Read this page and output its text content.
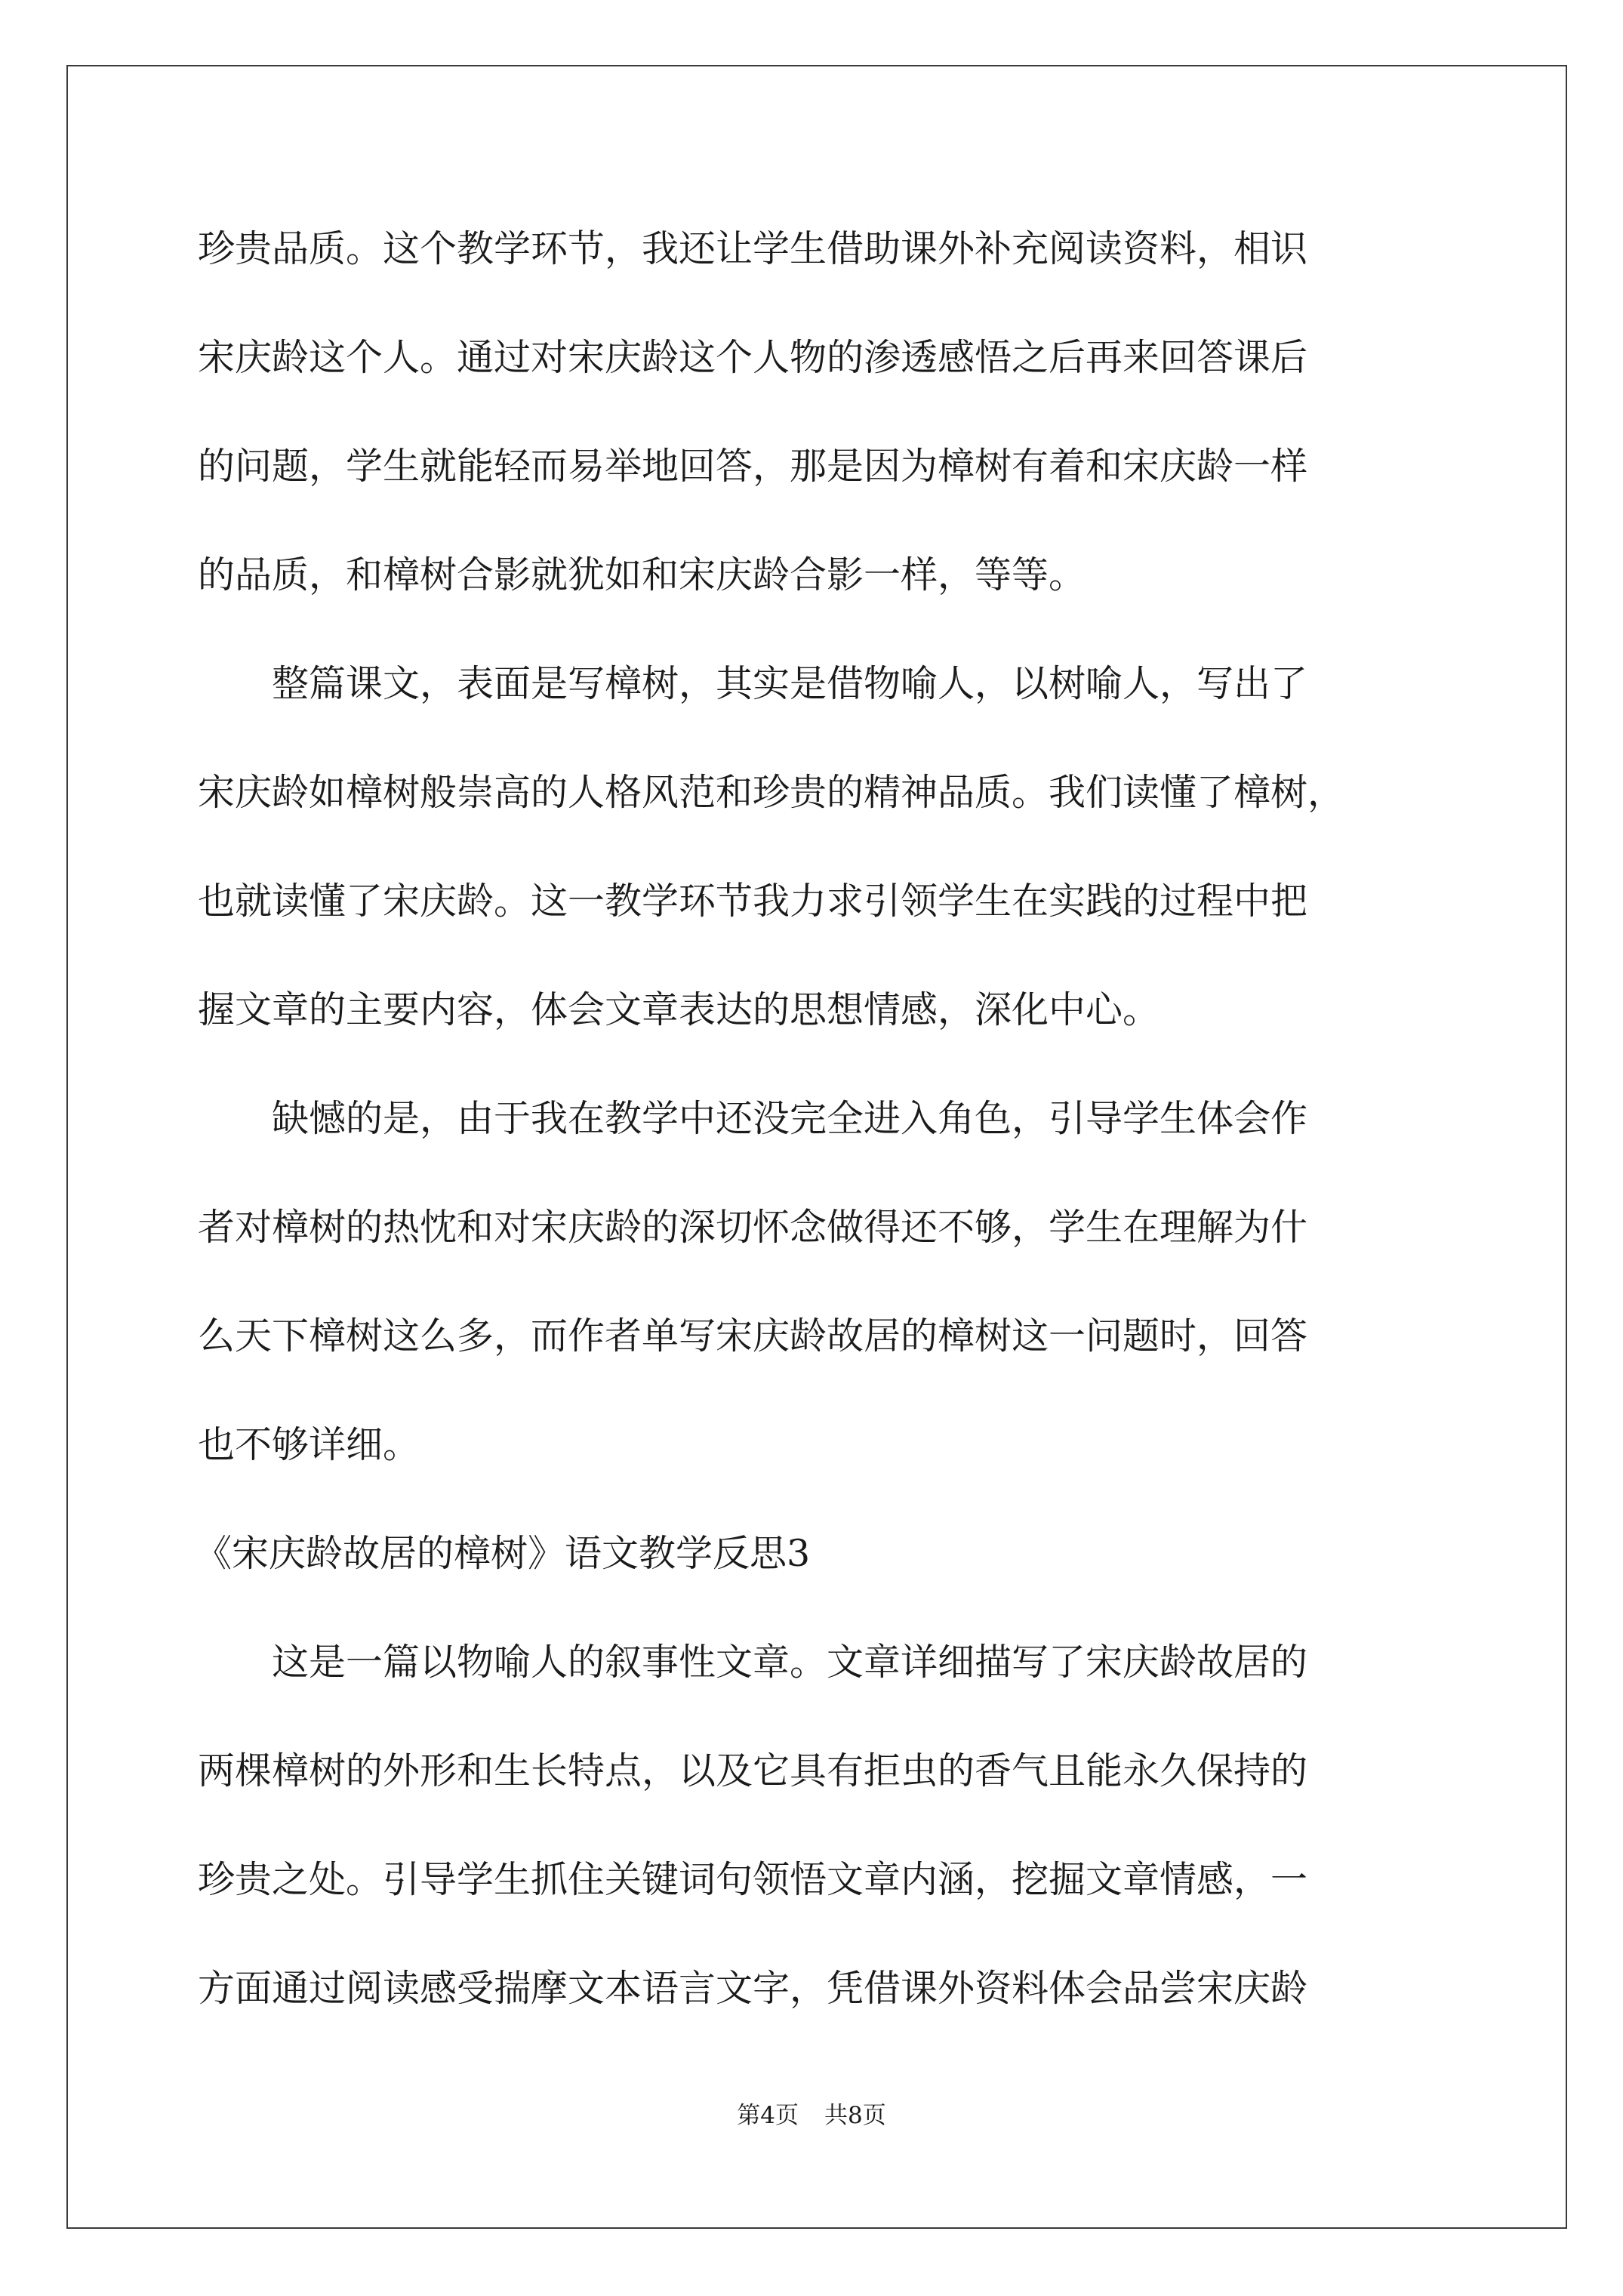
珍贵品质。这个教学环节，我还让学生借助课外补充阅读资料，相识
宋庆龄这个人。通过对宋庆龄这个人物的渗透感悟之后再来回答课后
的问题，学生就能轻而易举地回答，那是因为樟树有着和宋庆龄一样
的品质，和樟树合影就犹如和宋庆龄合影一样，等等。
整篇课文，表面是写樟树，其实是借物喻人，以树喻人，写出了
宋庆龄如樟树般崇高的人格风范和珍贵的精神品质。我们读懂了樟树，
也就读懂了宋庆龄。这一教学环节我力求引领学生在实践的过程中把
握文章的主要内容，体会文章表达的思想情感，深化中心。
缺憾的是，由于我在教学中还没完全进入角色，引导学生体会作
者对樟树的热忱和对宋庆龄的深切怀念做得还不够，学生在理解为什
么天下樟树这么多，而作者单写宋庆龄故居的樟树这一问题时，回答
也不够详细。
《宋庆龄故居的樟树》语文教学反思3
这是一篇以物喻人的叙事性文章。文章详细描写了宋庆龄故居的
两棵樟树的外形和生长特点，以及它具有拒虫的香气且能永久保持的
珍贵之处。引导学生抓住关键词句领悟文章内涵，挖掘文章情感，一
方面通过阅读感受揣摩文本语言文字，凭借课外资料体会品尝宋庆龄
第4页 共8页
